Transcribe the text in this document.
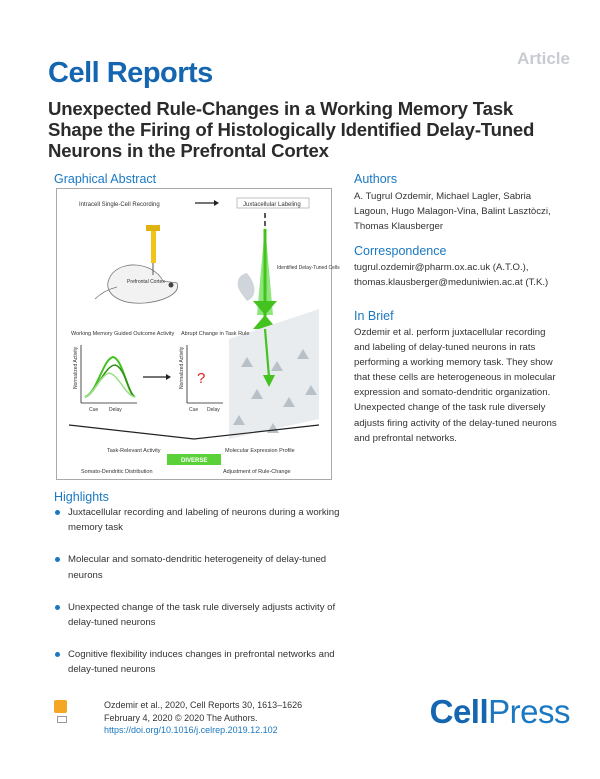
Article
Cell Reports
Unexpected Rule-Changes in a Working Memory Task Shape the Firing of Histologically Identified Delay-Tuned Neurons in the Prefrontal Cortex
Graphical Abstract
Intracell Single-Cell Recording	Juxtacellular Labeling
Prefrontal Cortex
Identified Delay-Tuned Cells
Working Memory Guided Outcome Activity Abrupt Change in Task Rule
Normalized Activity
Cue Delay
Normalized Activity ?
Cue Delay
Task-Relevant Activity	Molecular Expression Profile
DIVERSE
Somato-Dendritic Distribution	Adjustment of Rule-Change
Authors
A. Tugrul Ozdemir, Michael Lagler, Sabria Lagoun, Hugo Malagon-Vina, Balint Lasztòczi, Thomas Klausberger
Correspondence
tugrul.ozdemir@pharm.ox.ac.uk (A.T.O.), thomas.klausberger@meduniwien.ac.at (T.K.)
In Brief
Ozdemir et al. perform juxtacellular recording and labeling of delay-tuned neurons in rats performing a working memory task. They show that these cells are heterogeneous in molecular expression and somato-dendritic organization. Unexpected change of the task rule diversely adjusts firing activity of the delay-tuned neurons and prefrontal networks.
Highlights
Juxtacellular recording and labeling of neurons during a working memory task
Molecular and somato-dendritic heterogeneity of delay-tuned neurons
Unexpected change of the task rule diversely adjusts activity of delay-tuned neurons
Cognitive flexibility induces changes in prefrontal networks and delay-tuned neurons
Ozdemir et al., 2020, Cell Reports 30, 1613–1626
February 4, 2020 © 2020 The Authors.
https://doi.org/10.1016/j.celrep.2019.12.102	CellPress
